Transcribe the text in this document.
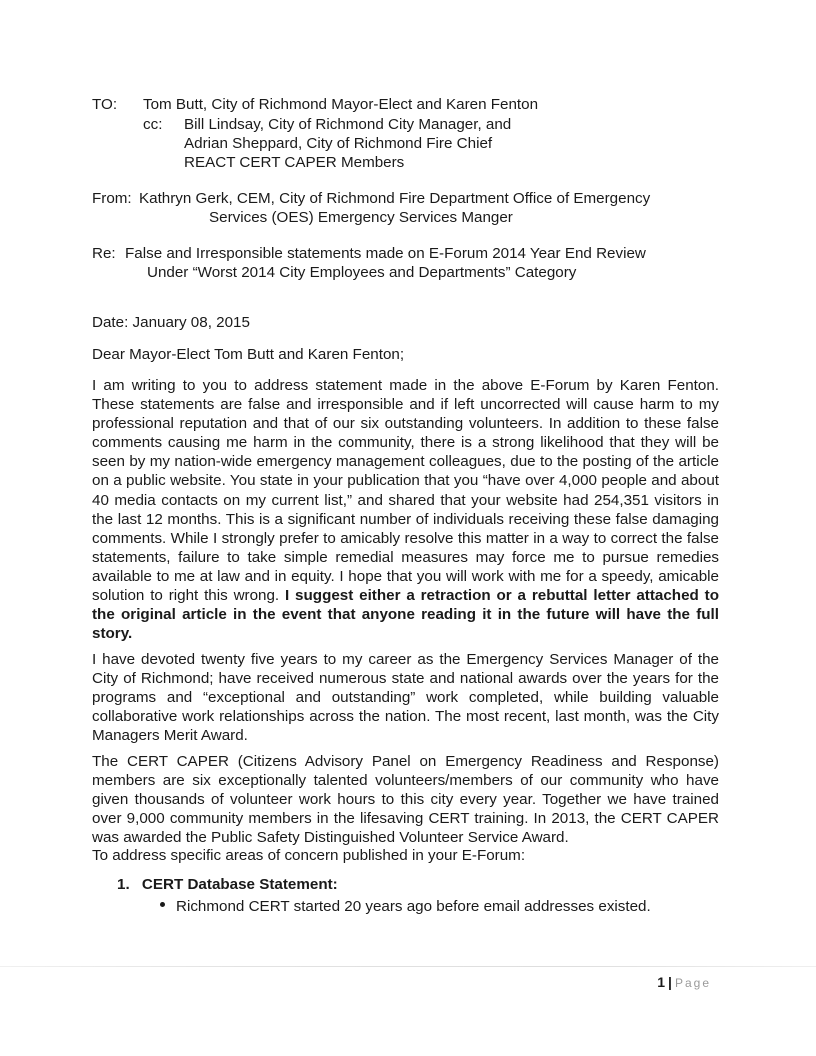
TO: Tom Butt, City of Richmond Mayor-Elect and Karen Fenton
cc: Bill Lindsay, City of Richmond City Manager, and
Adrian Sheppard, City of Richmond Fire Chief
REACT CERT CAPER Members
From: Kathryn Gerk, CEM, City of Richmond Fire Department Office of Emergency
Services (OES) Emergency Services Manger
Re: False and Irresponsible statements made on E-Forum 2014 Year End Review
Under “Worst 2014 City Employees and Departments” Category
Date: January 08, 2015
Dear Mayor-Elect Tom Butt and Karen Fenton;
I am writing to you to address statement made in the above E-Forum by Karen Fenton. These statements are false and irresponsible and if left uncorrected will cause harm to my professional reputation and that of our six outstanding volunteers. In addition to these false comments causing me harm in the community, there is a strong likelihood that they will be seen by my nation-wide emergency management colleagues, due to the posting of the article on a public website. You state in your publication that you “have over 4,000 people and about 40 media contacts on my current list,” and shared that your website had 254,351 visitors in the last 12 months. This is a significant number of individuals receiving these false damaging comments. While I strongly prefer to amicably resolve this matter in a way to correct the false statements, failure to take simple remedial measures may force me to pursue remedies available to me at law and in equity. I hope that you will work with me for a speedy, amicable solution to right this wrong. I suggest either a retraction or a rebuttal letter attached to the original article in the event that anyone reading it in the future will have the full story.
I have devoted twenty five years to my career as the Emergency Services Manager of the City of Richmond; have received numerous state and national awards over the years for the programs and “exceptional and outstanding” work completed, while building valuable collaborative work relationships across the nation. The most recent, last month, was the City Managers Merit Award.
The CERT CAPER (Citizens Advisory Panel on Emergency Readiness and Response) members are six exceptionally talented volunteers/members of our community who have given thousands of volunteer work hours to this city every year. Together we have trained over 9,000 community members in the lifesaving CERT training. In 2013, the CERT CAPER was awarded the Public Safety Distinguished Volunteer Service Award.
To address specific areas of concern published in your E-Forum:
1. CERT Database Statement:
Richmond CERT started 20 years ago before email addresses existed.
1 | Page
